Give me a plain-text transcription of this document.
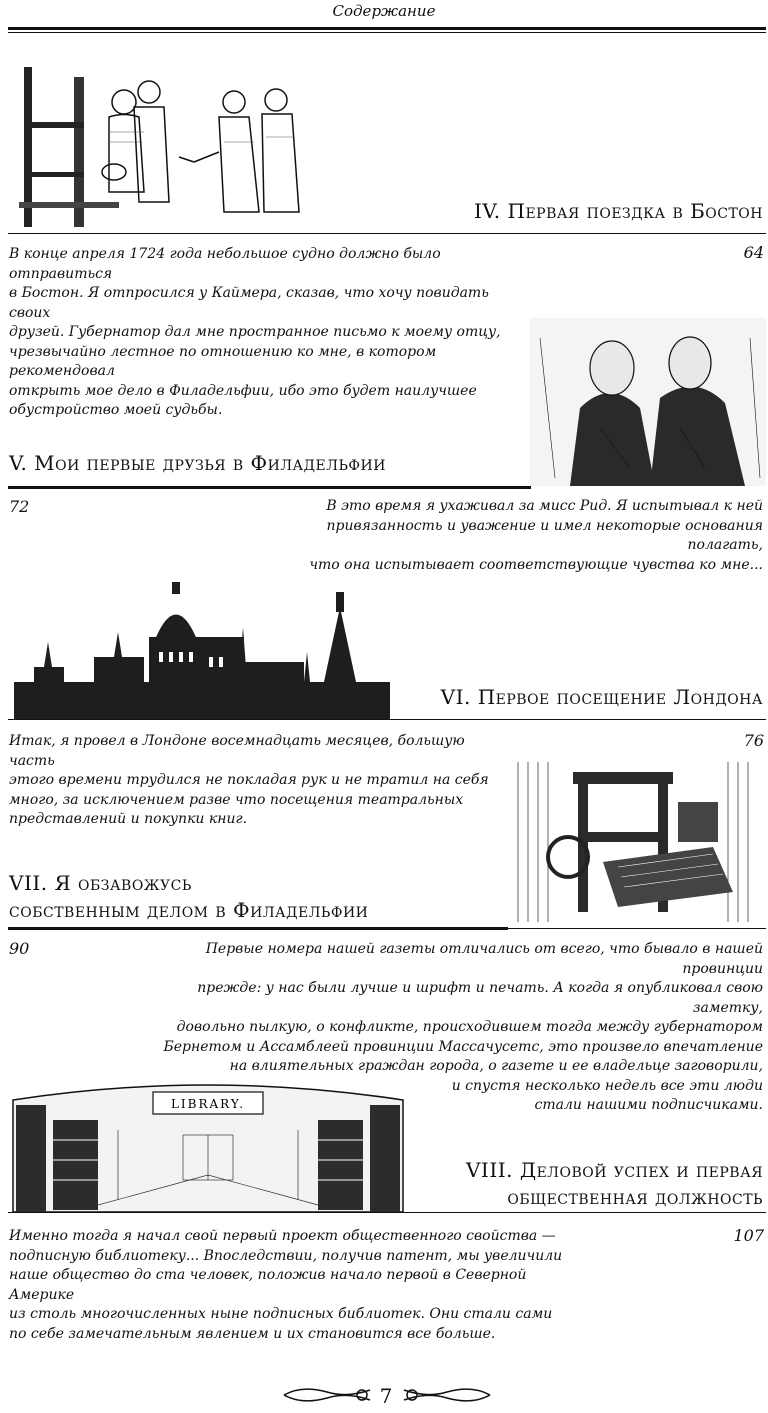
Содержание
IV. Первая поездка в Бостон
В конце апреля 1724 года небольшое судно должно было отправиться
в Бостон. Я отпросился у Каймера, сказав, что хочу повидать своих
друзей. Губернатор дал мне пространное письмо к моему отцу,
чрезвычайно лестное по отношению ко мне, в котором рекомендовал
открыть мое дело в Филадельфии, ибо это будет наилучшее
обустройство моей судьбы.
64
V. Мои первые друзья в Филадельфии
72	В это время я ухаживал за мисс Рид. Я испытывал к ней
привязанность и уважение и имел некоторые основания полагать,
что она испытывает соответствующие чувства ко мне...
VI. Первое посещение Лондона
Итак, я провел в Лондоне восемнадцать месяцев, большую часть
этого времени трудился не покладая рук и не тратил на себя
много, за исключением разве что посещения театральных
представлений и покупки книг.
76
VII. Я обзавожусь
собственным делом в Филадельфии
90	Первые номера нашей газеты отличались от всего, что бывало в нашей провинции
прежде: у нас были лучше и шрифт и печать. А когда я опубликовал свою заметку,
довольно пылкую, о конфликте, происходившем тогда между губернатором
Бернетом и Ассамблеей провинции Массачусетс, это произвело впечатление
на влиятельных граждан города, о газете и ее владельце заговорили,
и спустя несколько недель все эти люди
стали нашими подписчиками.
LIBRARY.
VIII. Деловой успех и первая
общественная должность
Именно тогда я начал свой первый проект общественного свойства —
подписную библиотеку... Впоследствии, получив патент, мы увеличили
наше общество до ста человек, положив начало первой в Северной Америке
из столь многочисленных ныне подписных библиотек. Они стали сами
по себе замечательным явлением и их становится все больше.
107
7
